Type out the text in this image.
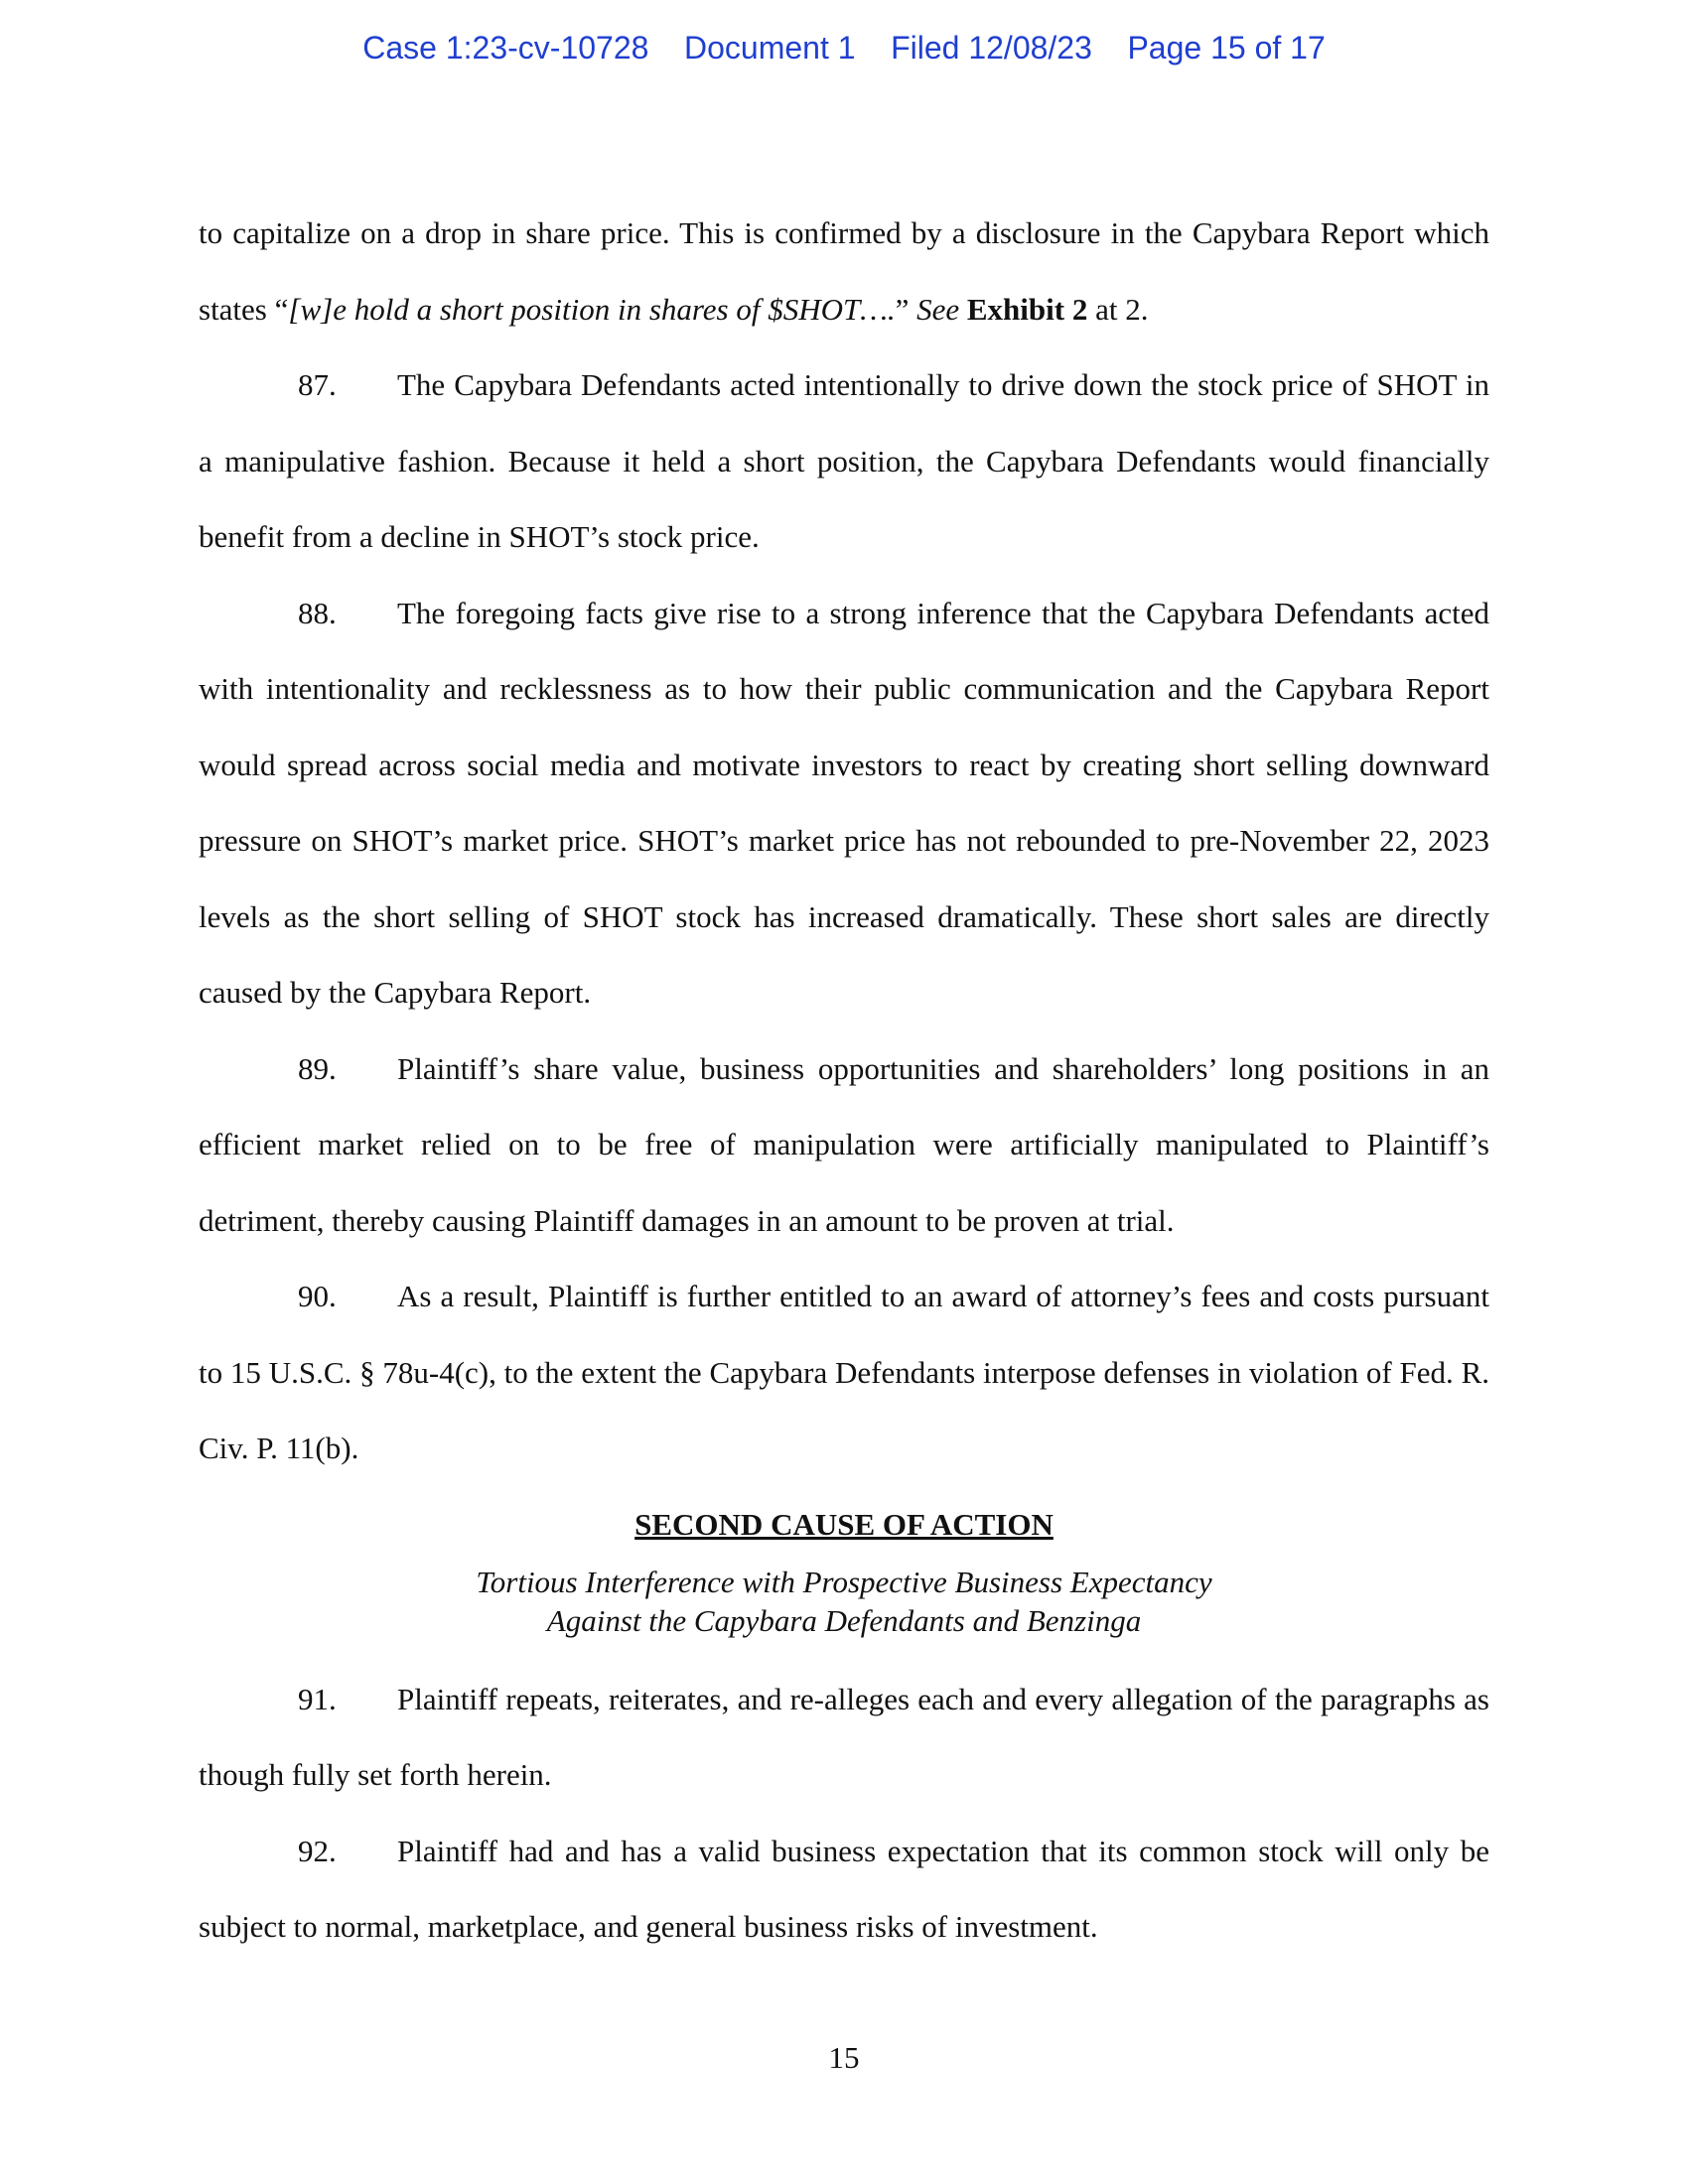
Case 1:23-cv-10728 Document 1 Filed 12/08/23 Page 15 of 17

to capitalize on a drop in share price. This is confirmed by a disclosure in the Capybara Report which states “[w]e hold a short position in shares of $SHOT….” See Exhibit 2 at 2.

87. The Capybara Defendants acted intentionally to drive down the stock price of SHOT in a manipulative fashion. Because it held a short position, the Capybara Defendants would financially benefit from a decline in SHOT’s stock price.

88. The foregoing facts give rise to a strong inference that the Capybara Defendants acted with intentionality and recklessness as to how their public communication and the Capybara Report would spread across social media and motivate investors to react by creating short selling downward pressure on SHOT’s market price. SHOT’s market price has not rebounded to pre-November 22, 2023 levels as the short selling of SHOT stock has increased dramatically. These short sales are directly caused by the Capybara Report.

89. Plaintiff’s share value, business opportunities and shareholders’ long positions in an efficient market relied on to be free of manipulation were artificially manipulated to Plaintiff’s detriment, thereby causing Plaintiff damages in an amount to be proven at trial.

90. As a result, Plaintiff is further entitled to an award of attorney’s fees and costs pursuant to 15 U.S.C. § 78u-4(c), to the extent the Capybara Defendants interpose defenses in violation of Fed. R. Civ. P. 11(b).

SECOND CAUSE OF ACTION

Tortious Interference with Prospective Business Expectancy
Against the Capybara Defendants and Benzinga

91. Plaintiff repeats, reiterates, and re-alleges each and every allegation of the paragraphs as though fully set forth herein.

92. Plaintiff had and has a valid business expectation that its common stock will only be subject to normal, marketplace, and general business risks of investment.

15
